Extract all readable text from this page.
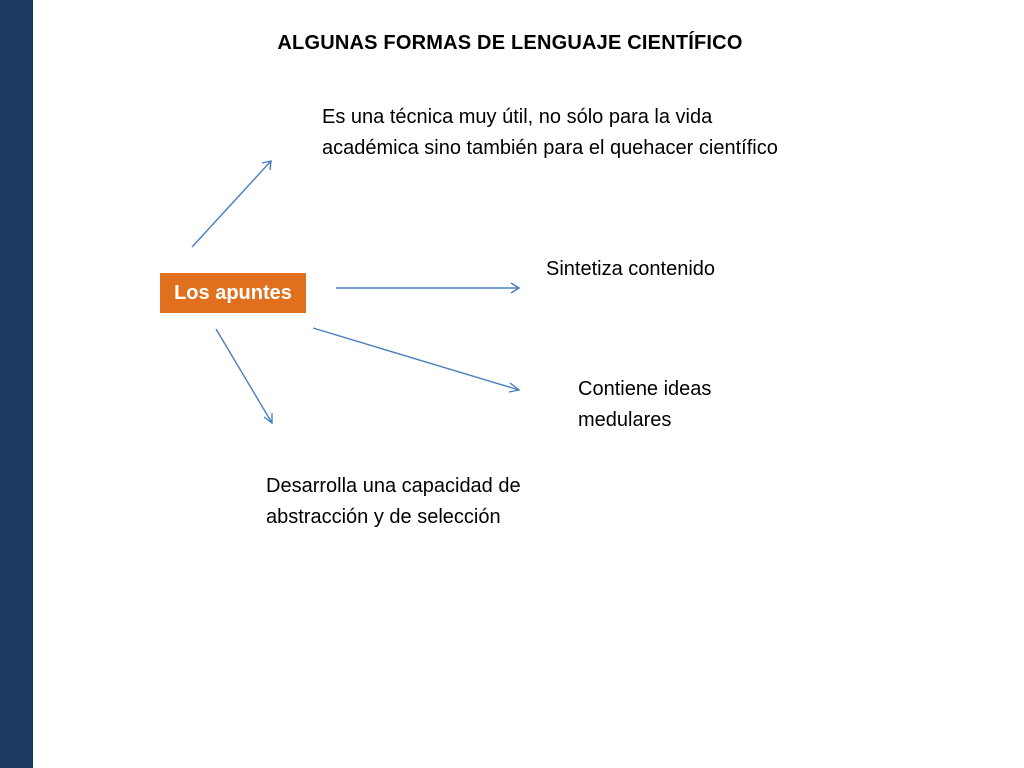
ALGUNAS FORMAS DE LENGUAJE CIENTÍFICO
Los apuntes
Es una técnica muy útil, no sólo para la vida académica sino también para el quehacer científico
Sintetiza contenido
Contiene ideas medulares
Desarrolla una capacidad de abstracción y de selección
